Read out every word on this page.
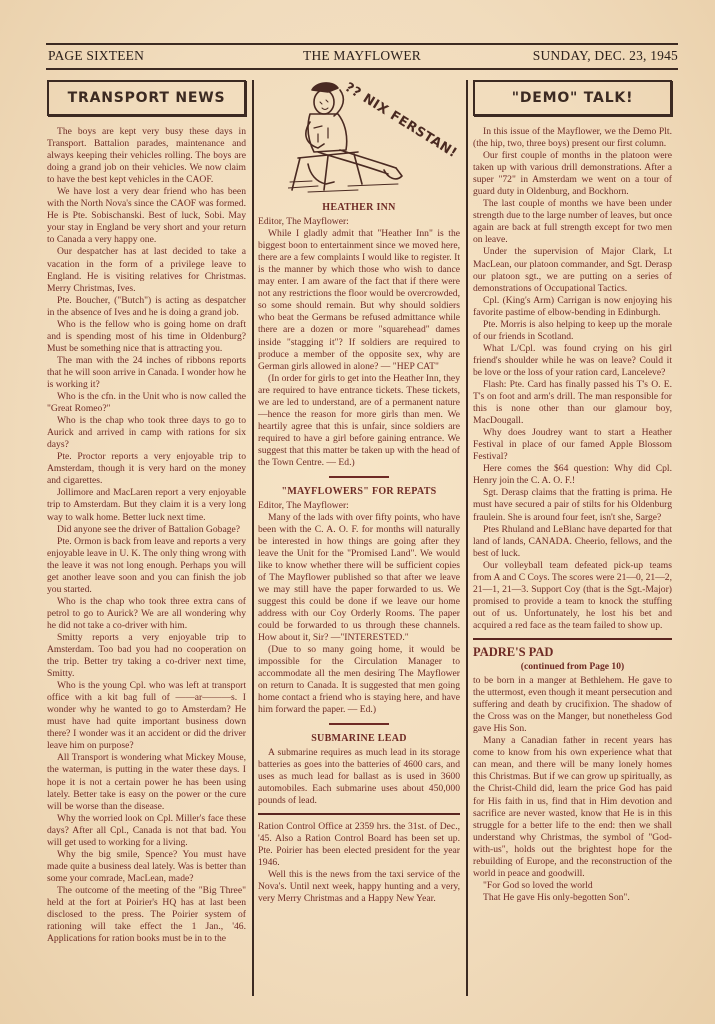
PAGE SIXTEEN	THE MAYFLOWER	SUNDAY, DEC. 23, 1945
TRANSPORT NEWS

The boys are kept very busy these days in Transport. Battalion parades, maintenance and always keeping their vehicles rolling. The boys are doing a grand job on their vehicles. We now claim to have the best kept vehicles in the CAOF.

We have lost a very dear friend who has been with the North Nova's since the CAOF was formed. He is Pte. Sobischanski. Best of luck, Sobi. May your stay in England be very short and your return to Canada a very happy one.

Our despatcher has at last decided to take a vacation in the form of a privilege leave to England. He is visiting relatives for Christmas. Merry Christmas, Ives.

Pte. Boucher, ("Butch") is acting as despatcher in the absence of Ives and he is doing a grand job.

Who is the fellow who is going home on draft and is spending most of his time in Oldenburg? Must be something nice that is attracting you.

The man with the 24 inches of ribbons reports that he will soon arrive in Canada. I wonder how he is working it?

Who is the cfn. in the Unit who is now called the "Great Romeo?"

Who is the chap who took three days to go to Aurick and arrived in camp with rations for six days?

Pte. Proctor reports a very enjoyable trip to Amsterdam, though it is very hard on the money and cigarettes.

Jollimore and MacLaren report a very enjoyable trip to Amsterdam. But they claim it is a very long way to walk home. Better luck next time.

Did anyone see the driver of Battalion Gobage?

Pte. Ormon is back from leave and reports a very enjoyable leave in U. K. The only thing wrong with the leave it was not long enough. Perhaps you will get another leave soon and you can finish the job you started.

Who is the chap who took three extra cans of petrol to go to Aurick? We are all wondering why he did not take a co-driver with him.

Smitty reports a very enjoyable trip to Amsterdam. Too bad you had no cooperation on the trip. Better try taking a co-driver next time, Smitty.

Who is the young Cpl. who was left at transport office with a kit bag full of ——ar———s. I wonder why he wanted to go to Amsterdam? He must have had quite important business down there? I wonder was it an accident or did the driver leave him on purpose?

All Transport is wondering what Mickey Mouse, the waterman, is putting in the water these days. I hope it is not a certain power he has been using lately. Better take is easy on the power or the cure will be worse than the disease.

Why the worried look on Cpl. Miller's face these days? After all Cpl., Canada is not that bad. You will get used to working for a living.

Why the big smile, Spence? You must have made quite a business deal lately. Was is better than some your comrade, MacLean, made?

The outcome of the meeting of the "Big Three" held at the fort at Poirier's HQ has at last been disclosed to the press. The Poirier system of rationing will take effect the 1 Jan., '46. Applications for ration books must be in to the

?? NIX FERSTAN!
HEATHER INN

Editor, The Mayflower:

While I gladly admit that "Heather Inn" is the biggest boon to entertainment since we moved here, there are a few complaints I would like to register. It is the manner by which those who wish to dance may enter. I am aware of the fact that if there were not any restrictions the floor would be overcrowded, so some should remain. But why should soldiers who beat the Germans be refused admittance while there are a dozen or more "squarehead" dames inside "stagging it"? If soldiers are required to produce a member of the opposite sex, why are German girls allowed in alone? — "HEP CAT"

(In order for girls to get into the Heather Inn, they are required to have entrance tickets. These tickets, we are led to understand, are of a permanent nature—hence the reason for more girls than men. We heartily agree that this is unfair, since soldiers are required to have a girl before gaining entrance. We suggest that this matter be taken up with the head of the Town Centre. — Ed.)

"MAYFLOWERS" FOR REPATS

Editor, The Mayflower:

Many of the lads with over fifty points, who have been with the C. A. O. F. for months will naturally be interested in how things are going after they leave the Unit for the "Promised Land". We would like to know whether there will be sufficient copies of The Mayflower published so that after we leave we may still have the paper forwarded to us. We suggest this could be done if we leave our home address with our Coy Orderly Rooms. The paper could be forwarded to us through these channels. How about it, Sir? —"INTERESTED."

(Due to so many going home, it would be impossible for the Circulation Manager to accommodate all the men desiring The Mayflower on return to Canada. It is suggested that men going home contact a friend who is staying here, and have him forward the paper. — Ed.)

SUBMARINE LEAD

A submarine requires as much lead in its storage batteries as goes into the batteries of 4600 cars, and uses as much lead for ballast as is used in 3600 automobiles. Each submarine uses about 450,000 pounds of lead.

Ration Control Office at 2359 hrs. the 31st. of Dec., '45. Also a Ration Control Board has been set up. Pte. Poirier has been elected president for the year 1946.

Well this is the news from the taxi service of the Nova's. Until next week, happy hunting and a very, very Merry Christmas and a Happy New Year.

"DEMO" TALK!

In this issue of the Mayflower, we the Demo Plt. (the hip, two, three boys) present our first column.

Our first couple of months in the platoon were taken up with various drill demonstrations. After a super "72" in Amsterdam we went on a tour of guard duty in Oldenburg, and Bockhorn.

The last couple of months we have been under strength due to the large number of leaves, but once again are back at full strength except for two men on leave.

Under the supervision of Major Clark, Lt MacLean, our platoon commander, and Sgt. Derasp our platoon sgt., we are putting on a series of demonstrations of Occupational Tactics.

Cpl. (King's Arm) Carrigan is now enjoying his favorite pastime of elbow-bending in Edinburgh.

Pte. Morris is also helping to keep up the morale of our friends in Scotland.

What L/Cpl. was found crying on his girl friend's shoulder while he was on leave? Could it be love or the loss of your ration card, Lanceleve?

Flash: Pte. Card has finally passed his T's O. E. T's on foot and arm's drill. The man responsible for this is none other than our glamour boy, MacDougall.

Why does Joudrey want to start a Heather Festival in place of our famed Apple Blossom Festival?

Here comes the $64 question: Why did Cpl. Henry join the C. A. O. F.!

Sgt. Derasp claims that the fratting is prima. He must have secured a pair of stilts for his Oldenburg fraulein. She is around four feet, isn't she, Sarge?

Ptes Rhuland and LeBlanc have departed for that land of lands, CANADA. Cheerio, fellows, and the best of luck.

Our volleyball team defeated pick-up teams from A and C Coys. The scores were 21—0, 21—2, 21—1, 21—3. Support Coy (that is the Sgt.-Major) promised to provide a team to knock the stuffing out of us. Unfortunately, he lost his bet and acquired a red face as the team failed to show up.

PADRE'S PAD
(continued from Page 10)

to be born in a manger at Bethlehem. He gave to the uttermost, even though it meant persecution and suffering and death by crucifixion. The shadow of the Cross was on the Manger, but nonetheless God gave His Son.

Many a Canadian father in recent years has come to know from his own experience what that can mean, and there will be many lonely homes this Christmas. But if we can grow up spiritually, as the Christ-Child did, learn the price God has paid for His faith in us, find that in Him devotion and sacrifice are never wasted, know that He is in this struggle for a better life to the end: then we shall understand why Christmas, the symbol of "God-with-us", holds out the brightest hope for the rebuilding of Europe, and the reconstruction of the world in peace and goodwill.

"For God so loved the world

That He gave His only-begotten Son".
